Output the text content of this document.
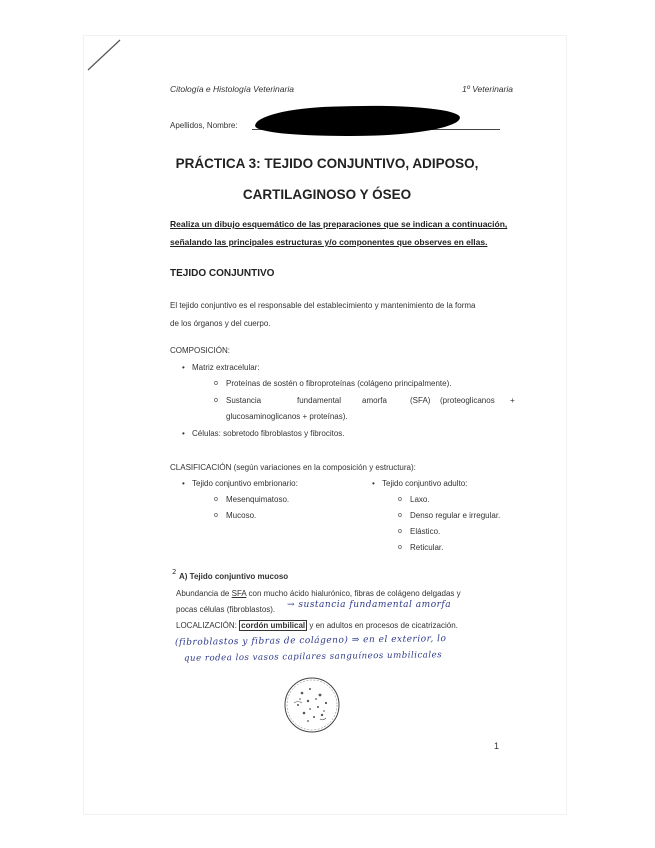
Citología e Histología Veterinaria	1º Veterinaria
Apellidos, Nombre:
PRÁCTICA 3: TEJIDO CONJUNTIVO, ADIPOSO,
CARTILAGINOSO Y ÓSEO
Realiza un dibujo esquemático de las preparaciones que se indican a continuación,
señalando las principales estructuras y/o componentes que observes en ellas.
TEJIDO CONJUNTIVO
El tejido conjuntivo es el responsable del establecimiento y mantenimiento de la forma
de los órganos y del cuerpo.
COMPOSICIÓN:
• Matriz extracelular:
o Proteínas de sostén o fibroproteínas (colágeno principalmente).
o Sustancia	fundamental	amorfa	(SFA) (proteoglicanos +
glucosaminoglicanos + proteínas).
• Células: sobretodo fibroblastos y fibrocitos.
CLASIFICACIÓN (según variaciones en la composición y estructura):
• Tejido conjuntivo embrionario:
o Mesenquimatoso.
o Mucoso.
• Tejido conjuntivo adulto:
o Laxo.
o Denso regular e irregular.
o Elástico.
o Reticular.
2 A) Tejido conjuntivo mucoso
Abundancia de SFA con mucho ácido hialurónico, fibras de colágeno delgadas y
pocas células (fibroblastos).
LOCALIZACIÓN: cordón umbilical y en adultos en procesos de cicatrización.
→ sustancia fundamental amorfa
(fibroblastos y fibras de colágeno) ⇒ en el exterior, lo
que rodea los vasos capilares sanguíneos umbilicales
1
